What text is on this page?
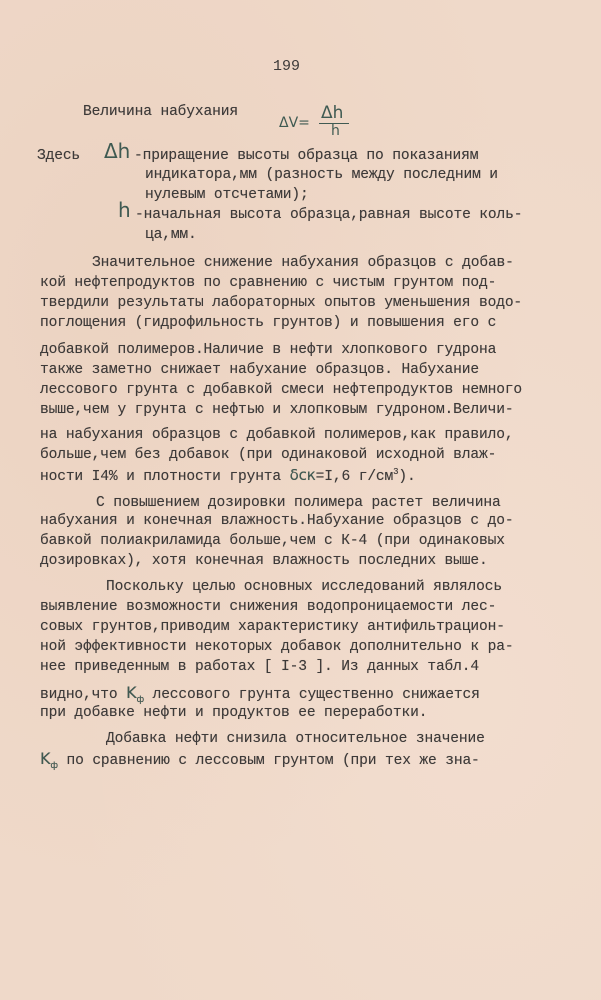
199
Величина набухания
ΔV= Δh
h
Здесь Δh -приращение высоты образца по показаниям
индикатора,мм (разность между последним и
нулевым отсчетами);
h -начальная высота образца,равная высоте коль-
ца,мм.
Значительное снижение набухания образцов с добав-
кой нефтепродуктов по сравнению с чистым грунтом под-
твердили результаты лабораторных опытов уменьшения водо-
поглощения (гидрофильность грунтов) и повышения его с
добавкой полимеров.Наличие в нефти хлопкового гудрона
также заметно снижает набухание образцов. Набухание
лессового грунта с добавкой смеси нефтепродуктов немного
выше,чем у грунта с нефтью и хлопковым гудроном.Величи-
на набухания образцов с добавкой полимеров,как правило,
больше,чем без добавок (при одинаковой исходной влаж-
ности I4% и плотности грунта δск=I,6 $г/см^3$).
С повышением дозировки полимера растет величина
набухания и конечная влажность.Набухание образцов с до-
бавкой полиакриламида больше,чем с К-4 (при одинаковых
дозировках), хотя конечная влажность последних выше.
Поскольку целью основных исследований являлось
выявление возможности снижения водопроницаемости лес-
совых грунтов,приводим характеристику антифильтрацион-
ной эффективности некоторых добавок дополнительно к ра-
нее приведенным в работах [ I-3 ]. Из данных табл.4
видно,что $K_ф$ лессового грунта существенно снижается
при добавке нефти и продуктов ее переработки.
Добавка нефти снизила относительное значение
$K_ф$ по сравнению с лессовым грунтом (при тех же зна-
